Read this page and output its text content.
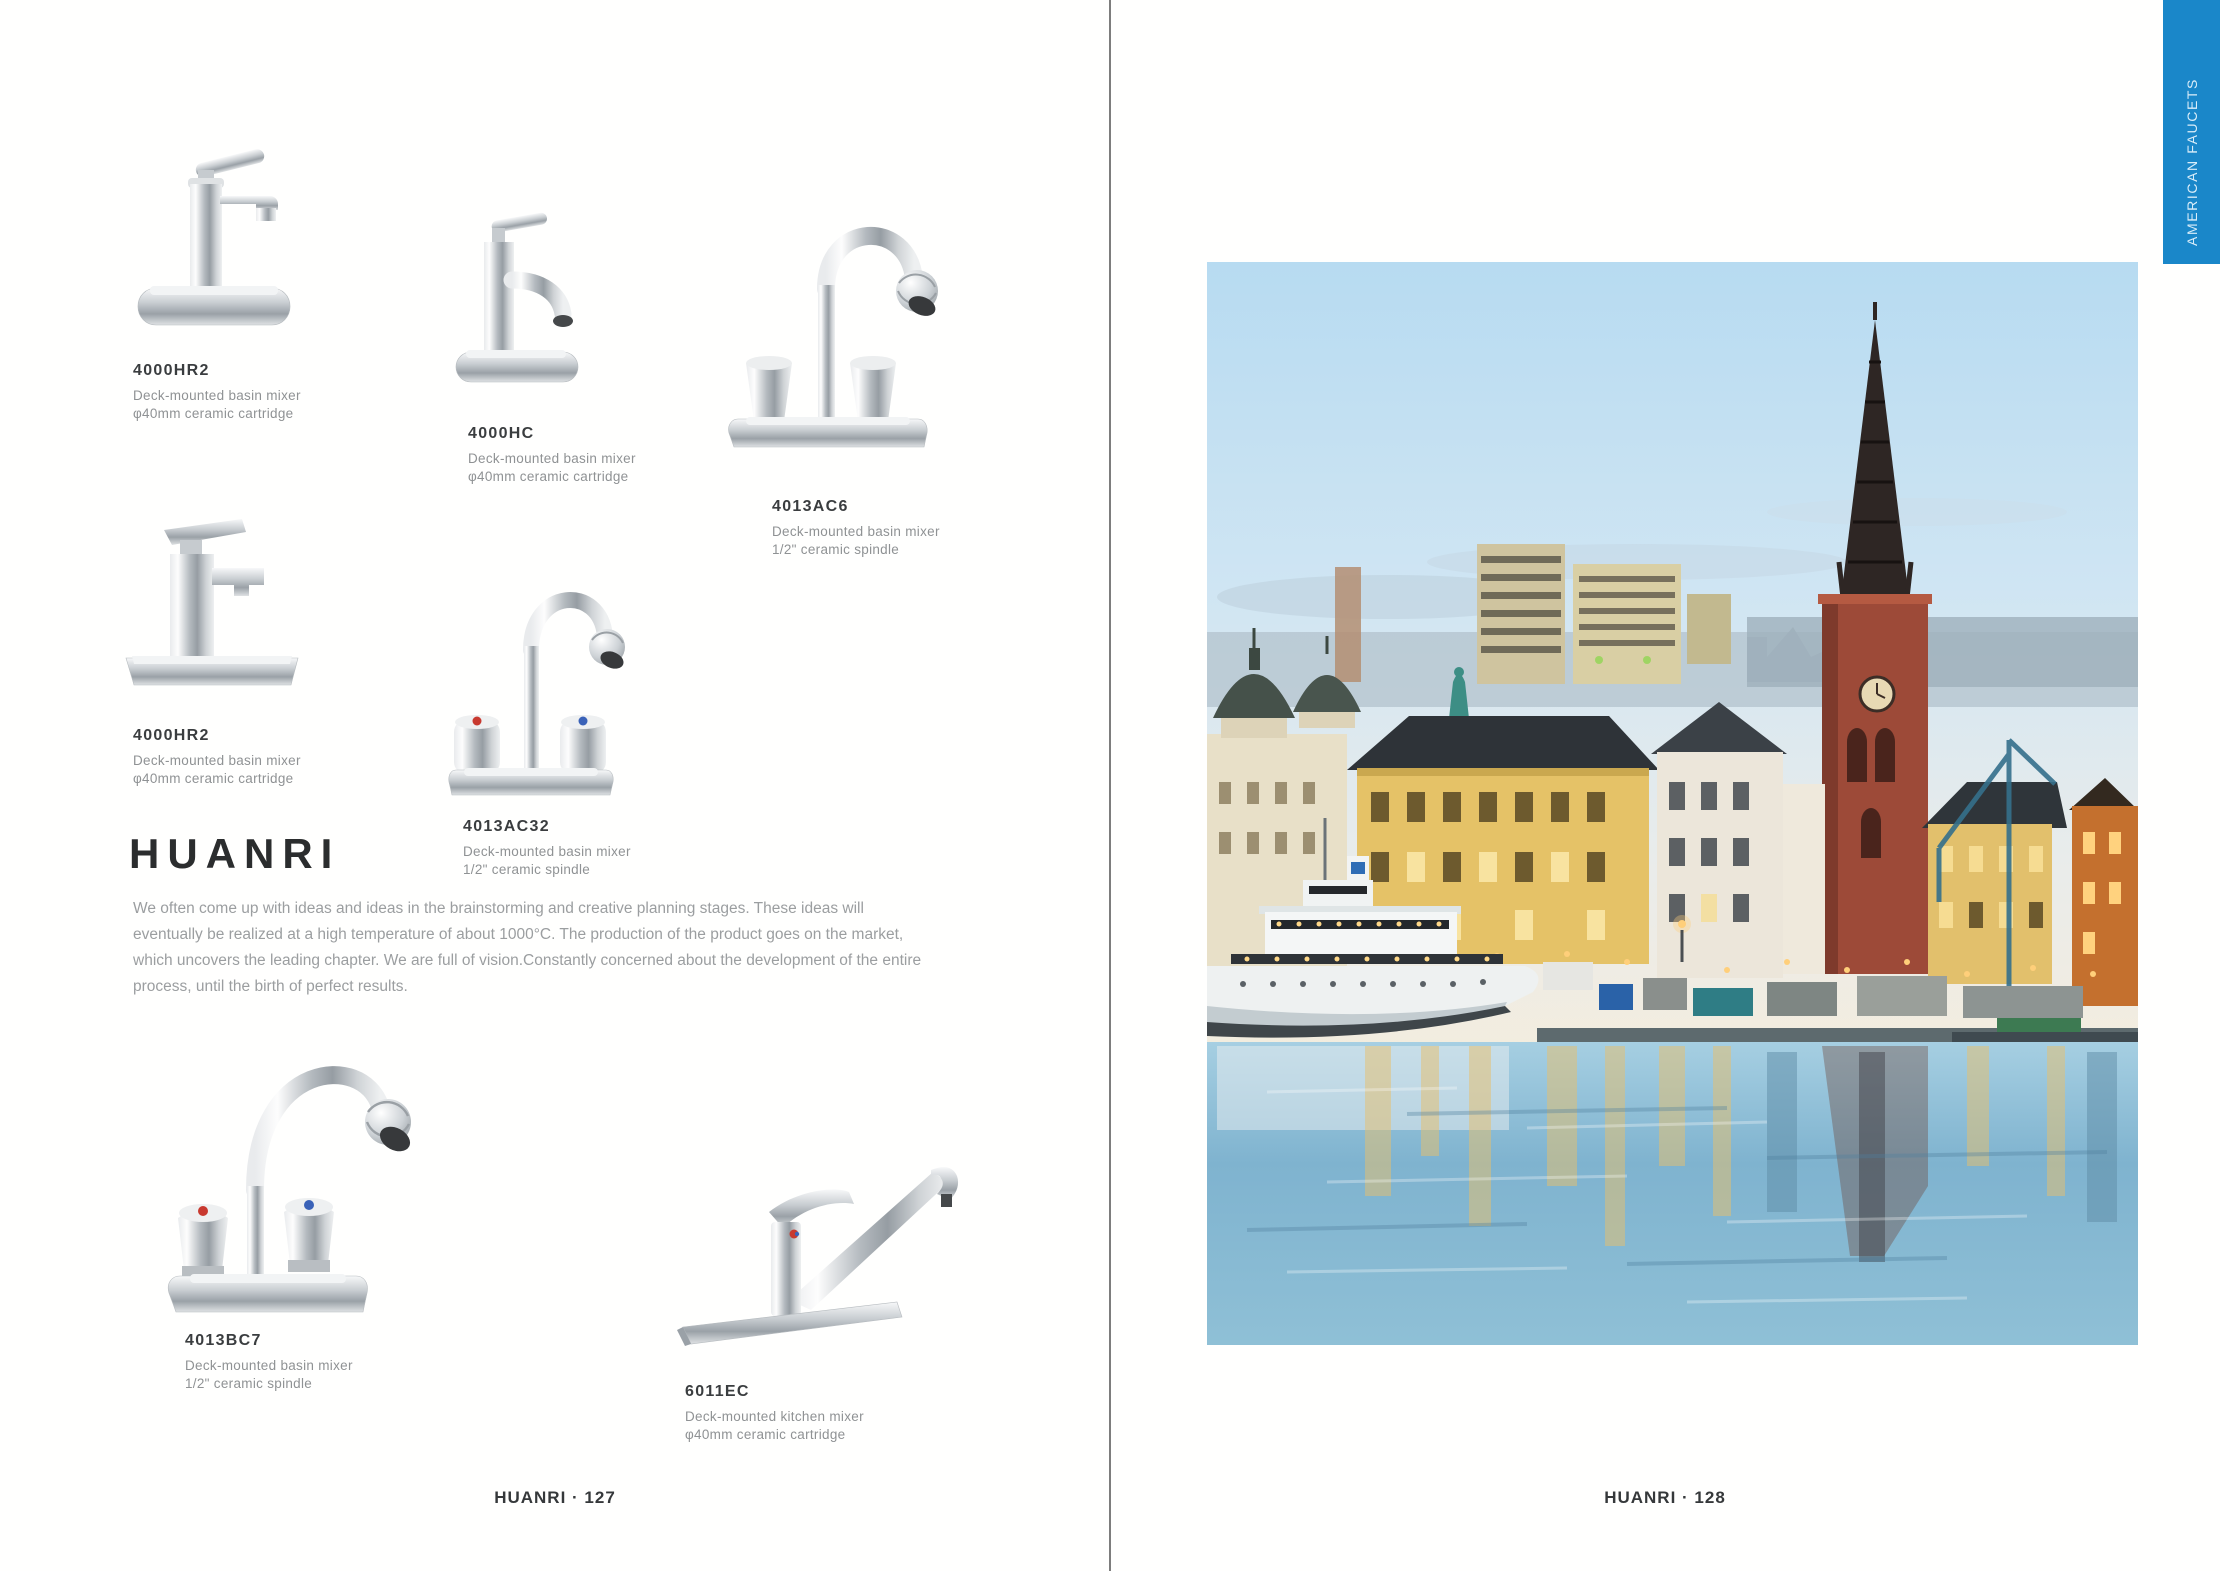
4000HR2
Deck-mounted basin mixer
φ40mm ceramic cartridge
4000HC
Deck-mounted basin mixer
φ40mm ceramic cartridge
4013AC6
Deck-mounted basin mixer
1/2" ceramic spindle
4000HR2
Deck-mounted basin mixer
φ40mm ceramic cartridge
4013AC32
Deck-mounted basin mixer
1/2" ceramic spindle
HUANRI
We often come up with ideas and ideas in the brainstorming and creative planning stages. These ideas will eventually be realized at a high temperature of about 1000°C. The production of the product goes on the market, which uncovers the leading chapter. We are full of vision.Constantly concerned about the development of the entire process, until the birth of perfect results.
4013BC7
Deck-mounted basin mixer
1/2" ceramic spindle	6011EC
Deck-mounted kitchen mixer
φ40mm ceramic cartridge
HUANRI · 127	HUANRI · 128
AMERICAN FAUCETS
